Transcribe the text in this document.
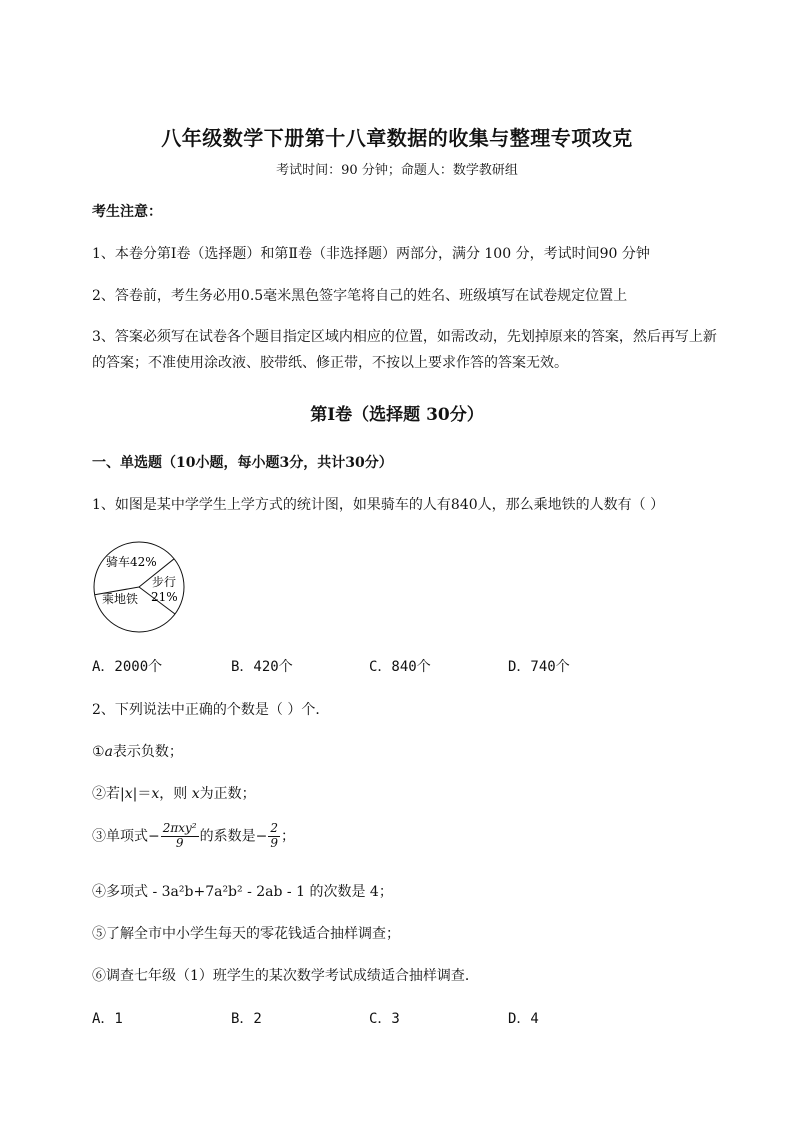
八年级数学下册第十八章数据的收集与整理专项攻克
考试时间：90 分钟；命题人：数学教研组
考生注意：
1、本卷分第Ⅰ卷（选择题）和第Ⅱ卷（非选择题）两部分，满分 100 分，考试时间90 分钟
2、答卷前，考生务必用0.5毫米黑色签字笔将自己的姓名、班级填写在试卷规定位置上
3、答案必须写在试卷各个题目指定区域内相应的位置，如需改动，先划掉原来的答案，然后再写上新
的答案；不准使用涂改液、胶带纸、修正带，不按以上要求作答的答案无效。
第Ⅰ卷（选择题 30分）
一、单选题（10小题，每小题3分，共计30分）
1、如图是某中学学生上学方式的统计图，如果骑车的人有840人，那么乘地铁的人数有（ ）
骑车42%
步行
21%
乘地铁
A．2000个	B．420个	C．840个	D．740个
2、下列说法中正确的个数是（ ）个．
①a表示负数；
②若|x|＝x，则 x为正数；
③单项式− $\frac{\text{2πxy²}}{9}$ 的系数是− $\frac{2}{9}$ ；
④多项式 - 3a²b+7a²b² - 2ab - 1 的次数是 4；
⑤了解全市中小学生每天的零花钱适合抽样调查；
⑥调查七年级（1）班学生的某次数学考试成绩适合抽样调查．
A．1	B．2	C．3	D．4
